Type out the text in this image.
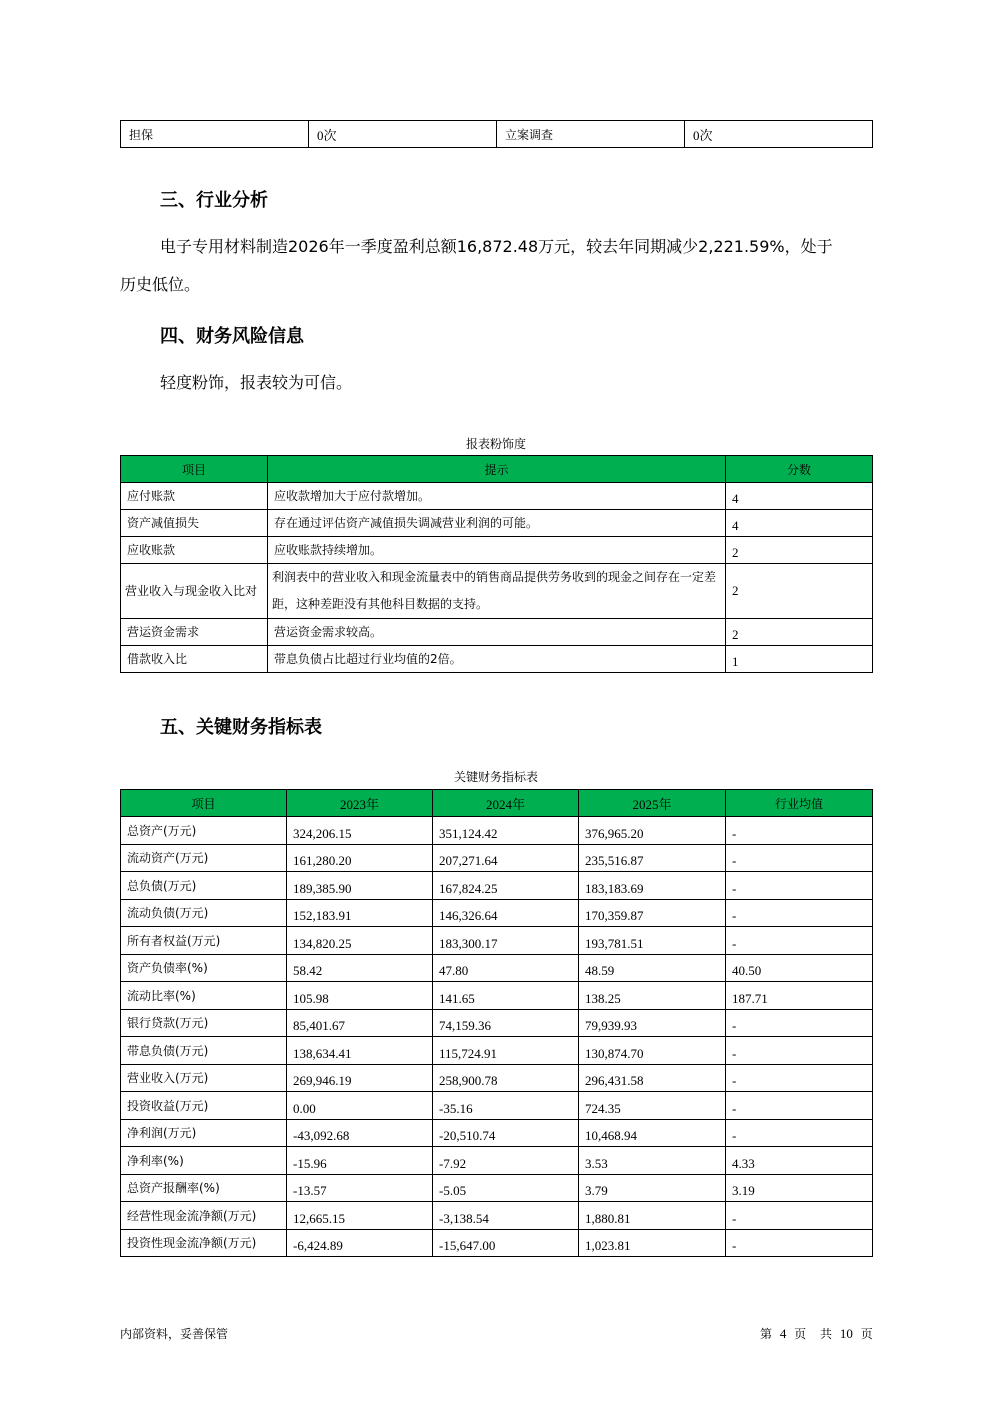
担保	0次	立案调查	0次
三、行业分析
电子专用材料制造2026年一季度盈利总额16,872.48万元，较去年同期减少2,221.59%，处于
历史低位。
四、财务风险信息
轻度粉饰，报表较为可信。
报表粉饰度
项目	提示	分数
应付账款	应收款增加大于应付款增加。	4
资产减值损失	存在通过评估资产减值损失调减营业利润的可能。	4
应收账款	应收账款持续增加。	2
营业收入与现金收入比对	利润表中的营业收入和现金流量表中的销售商品提供劳务收到的现金之间存在一定差距，这种差距没有其他科目数据的支持。	2
营运资金需求	营运资金需求较高。	2
借款收入比	带息负债占比超过行业均值的2倍。	1
五、关键财务指标表
关键财务指标表
项目	2023年	2024年	2025年	行业均值
总资产(万元)	324,206.15	351,124.42	376,965.20	-
流动资产(万元)	161,280.20	207,271.64	235,516.87	-
总负债(万元)	189,385.90	167,824.25	183,183.69	-
流动负债(万元)	152,183.91	146,326.64	170,359.87	-
所有者权益(万元)	134,820.25	183,300.17	193,781.51	-
资产负债率(%)	58.42	47.80	48.59	40.50
流动比率(%)	105.98	141.65	138.25	187.71
银行贷款(万元)	85,401.67	74,159.36	79,939.93	-
带息负债(万元)	138,634.41	115,724.91	130,874.70	-
营业收入(万元)	269,946.19	258,900.78	296,431.58	-
投资收益(万元)	0.00	-35.16	724.35	-
净利润(万元)	-43,092.68	-20,510.74	10,468.94	-
净利率(%)	-15.96	-7.92	3.53	4.33
总资产报酬率(%)	-13.57	-5.05	3.79	3.19
经营性现金流净额(万元)	12,665.15	-3,138.54	1,880.81	-
投资性现金流净额(万元)	-6,424.89	-15,647.00	1,023.81	-
内部资料，妥善保管	第 4 页 共 10 页
